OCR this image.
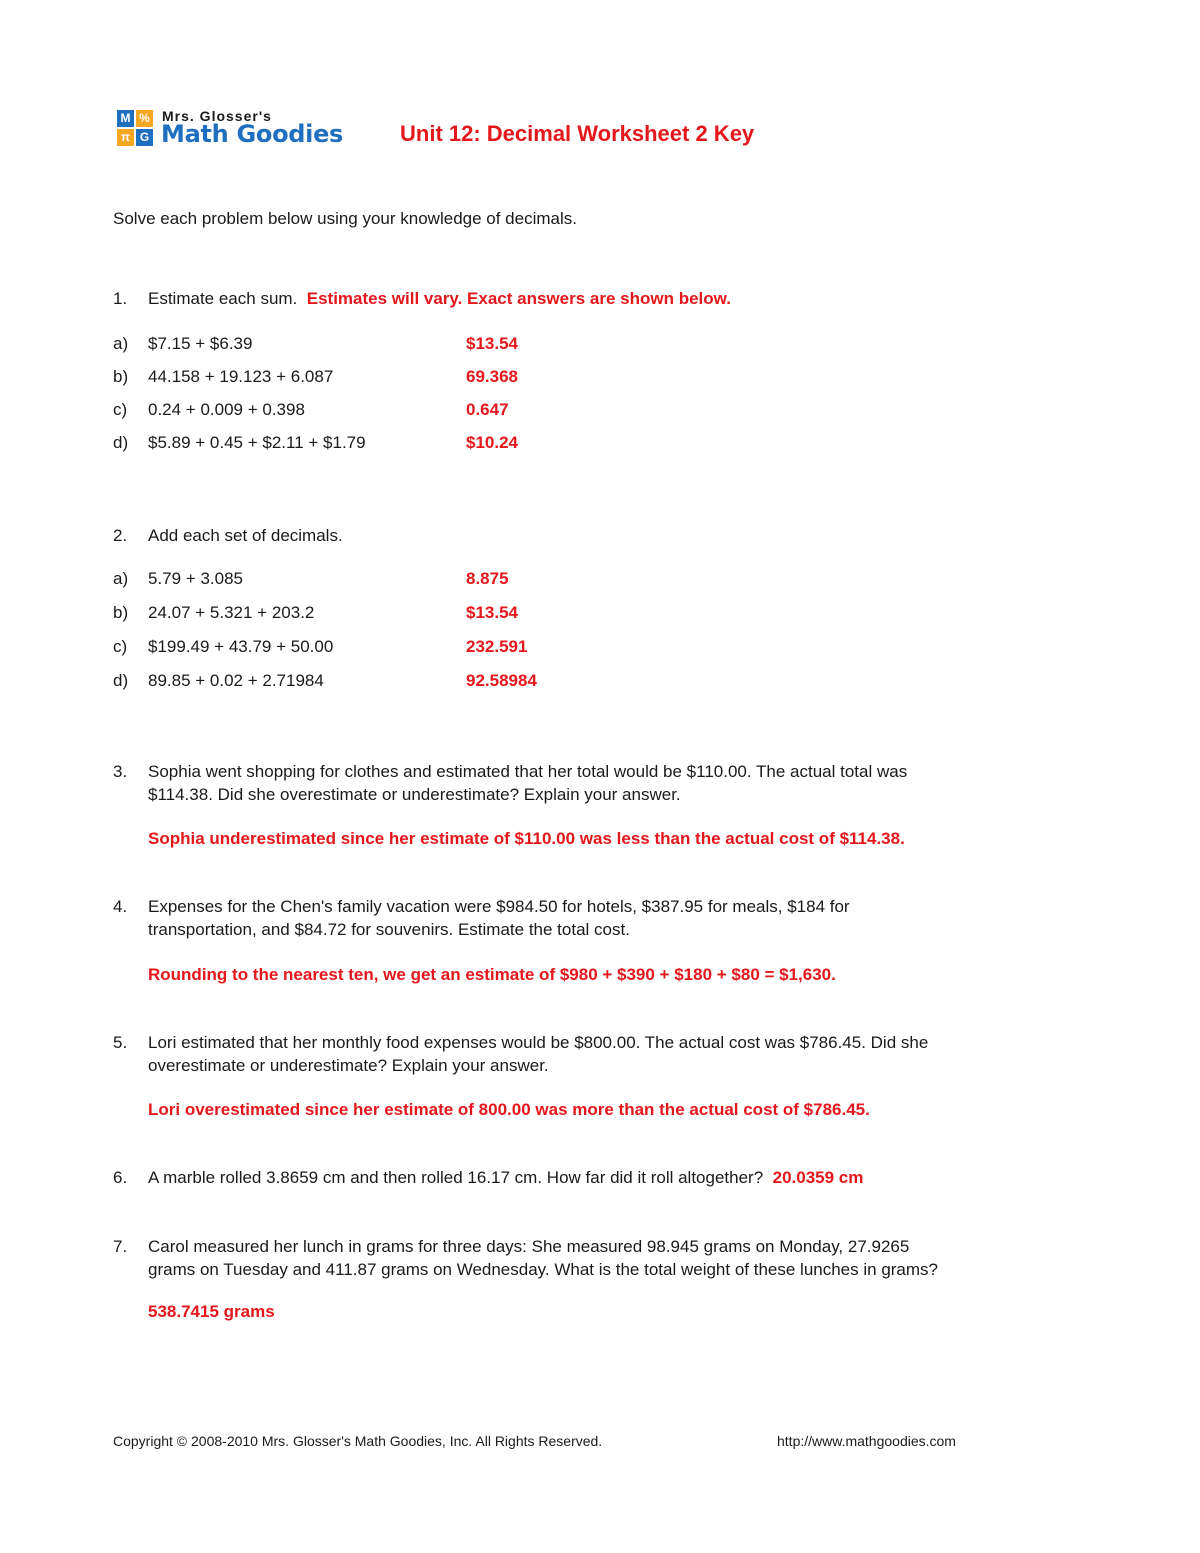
M %
π G
Mrs. Glosser's
Math Goodies	Unit 12: Decimal Worksheet 2 Key
Solve each problem below using your knowledge of decimals.
1. Estimate each sum. Estimates will vary. Exact answers are shown below.
a) $7.15 + $6.39	$13.54
b) 44.158 + 19.123 + 6.087	69.368
c) 0.24 + 0.009 + 0.398	0.647
d) $5.89 + 0.45 + $2.11 + $1.79	$10.24
2. Add each set of decimals.
a) 5.79 + 3.085	8.875
b) 24.07 + 5.321 + 203.2	$13.54
c) $199.49 + 43.79 + 50.00	232.591
d) 89.85 + 0.02 + 2.71984	92.58984
3. Sophia went shopping for clothes and estimated that her total would be $110.00. The actual total was
$114.38. Did she overestimate or underestimate? Explain your answer.
Sophia underestimated since her estimate of $110.00 was less than the actual cost of $114.38.
4. Expenses for the Chen's family vacation were $984.50 for hotels, $387.95 for meals, $184 for
transportation, and $84.72 for souvenirs. Estimate the total cost.
Rounding to the nearest ten, we get an estimate of $980 + $390 + $180 + $80 = $1,630.
5. Lori estimated that her monthly food expenses would be $800.00. The actual cost was $786.45. Did she
overestimate or underestimate? Explain your answer.
Lori overestimated since her estimate of 800.00 was more than the actual cost of $786.45.
6. A marble rolled 3.8659 cm and then rolled 16.17 cm. How far did it roll altogether? 20.0359 cm
7. Carol measured her lunch in grams for three days: She measured 98.945 grams on Monday, 27.9265
grams on Tuesday and 411.87 grams on Wednesday. What is the total weight of these lunches in grams?
538.7415 grams
Copyright © 2008-2010 Mrs. Glosser's Math Goodies, Inc. All Rights Reserved.	http://www.mathgoodies.com
